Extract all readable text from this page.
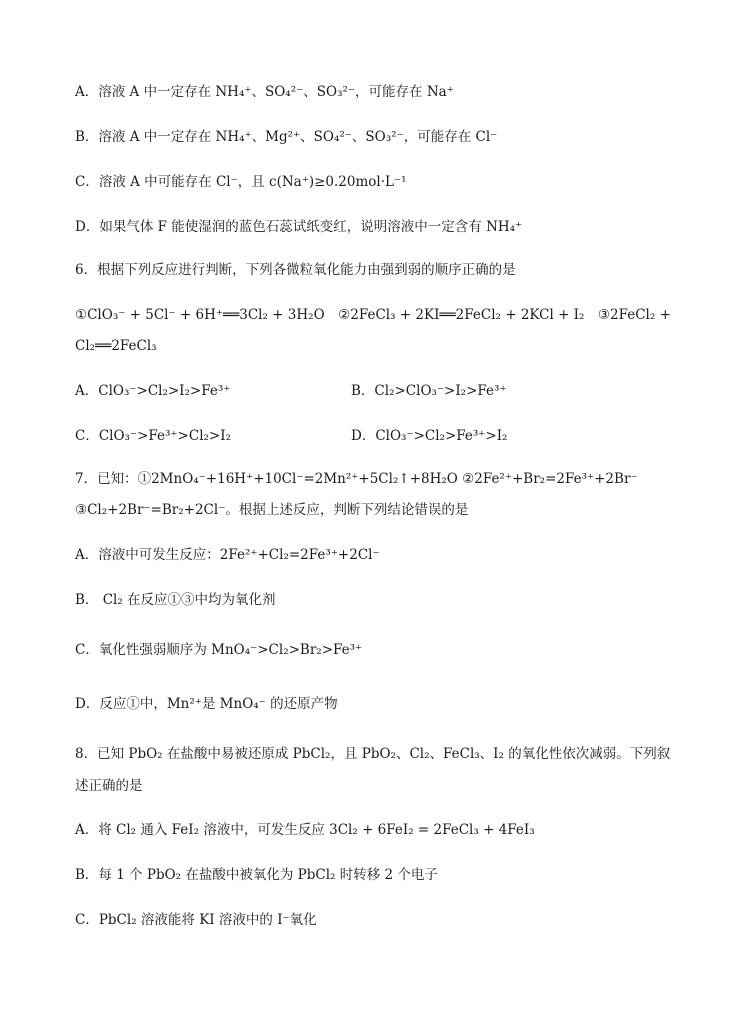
A．溶液 A 中一定存在 NH₄⁺、SO₄²⁻、SO₃²⁻，可能存在 Na⁺
B．溶液 A 中一定存在 NH₄⁺、Mg²⁺、SO₄²⁻、SO₃²⁻，可能存在 Cl⁻
C．溶液 A 中可能存在 Cl⁻，且 c(Na⁺)≥0.20mol·L⁻¹
D．如果气体 F 能使湿润的蓝色石蕊试纸变红，说明溶液中一定含有 NH₄⁺
6．根据下列反应进行判断，下列各微粒氧化能力由强到弱的顺序正确的是
①ClO₃⁻ + 5Cl⁻ + 6H⁺══3Cl₂ + 3H₂O　②2FeCl₃ + 2KI══2FeCl₂ + 2KCl + I₂　③2FeCl₂ +
Cl₂══2FeCl₃
A．ClO₃⁻>Cl₂>I₂>Fe³⁺	B．Cl₂>ClO₃⁻>I₂>Fe³⁺
C．ClO₃⁻>Fe³⁺>Cl₂>I₂	D．ClO₃⁻>Cl₂>Fe³⁺>I₂
7．已知：①2MnO₄⁻+16H⁺+10Cl⁻=2Mn²⁺+5Cl₂↑+8H₂O ②2Fe²⁺+Br₂=2Fe³⁺+2Br⁻
③Cl₂+2Br⁻=Br₂+2Cl⁻。根据上述反应，判断下列结论错误的是
A．溶液中可发生反应：2Fe²⁺+Cl₂=2Fe³⁺+2Cl⁻
B． Cl₂ 在反应①③中均为氧化剂
C．氧化性强弱顺序为 MnO₄⁻>Cl₂>Br₂>Fe³⁺
D．反应①中，Mn²⁺是 MnO₄⁻ 的还原产物
8．已知 PbO₂ 在盐酸中易被还原成 PbCl₂，且 PbO₂、Cl₂、FeCl₃、I₂ 的氧化性依次减弱。下列叙
述正确的是
A．将 Cl₂ 通入 FeI₂ 溶液中，可发生反应 3Cl₂ + 6FeI₂ = 2FeCl₃ + 4FeI₃
B．每 1 个 PbO₂ 在盐酸中被氧化为 PbCl₂ 时转移 2 个电子
C．PbCl₂ 溶液能将 KI 溶液中的 I⁻氧化
